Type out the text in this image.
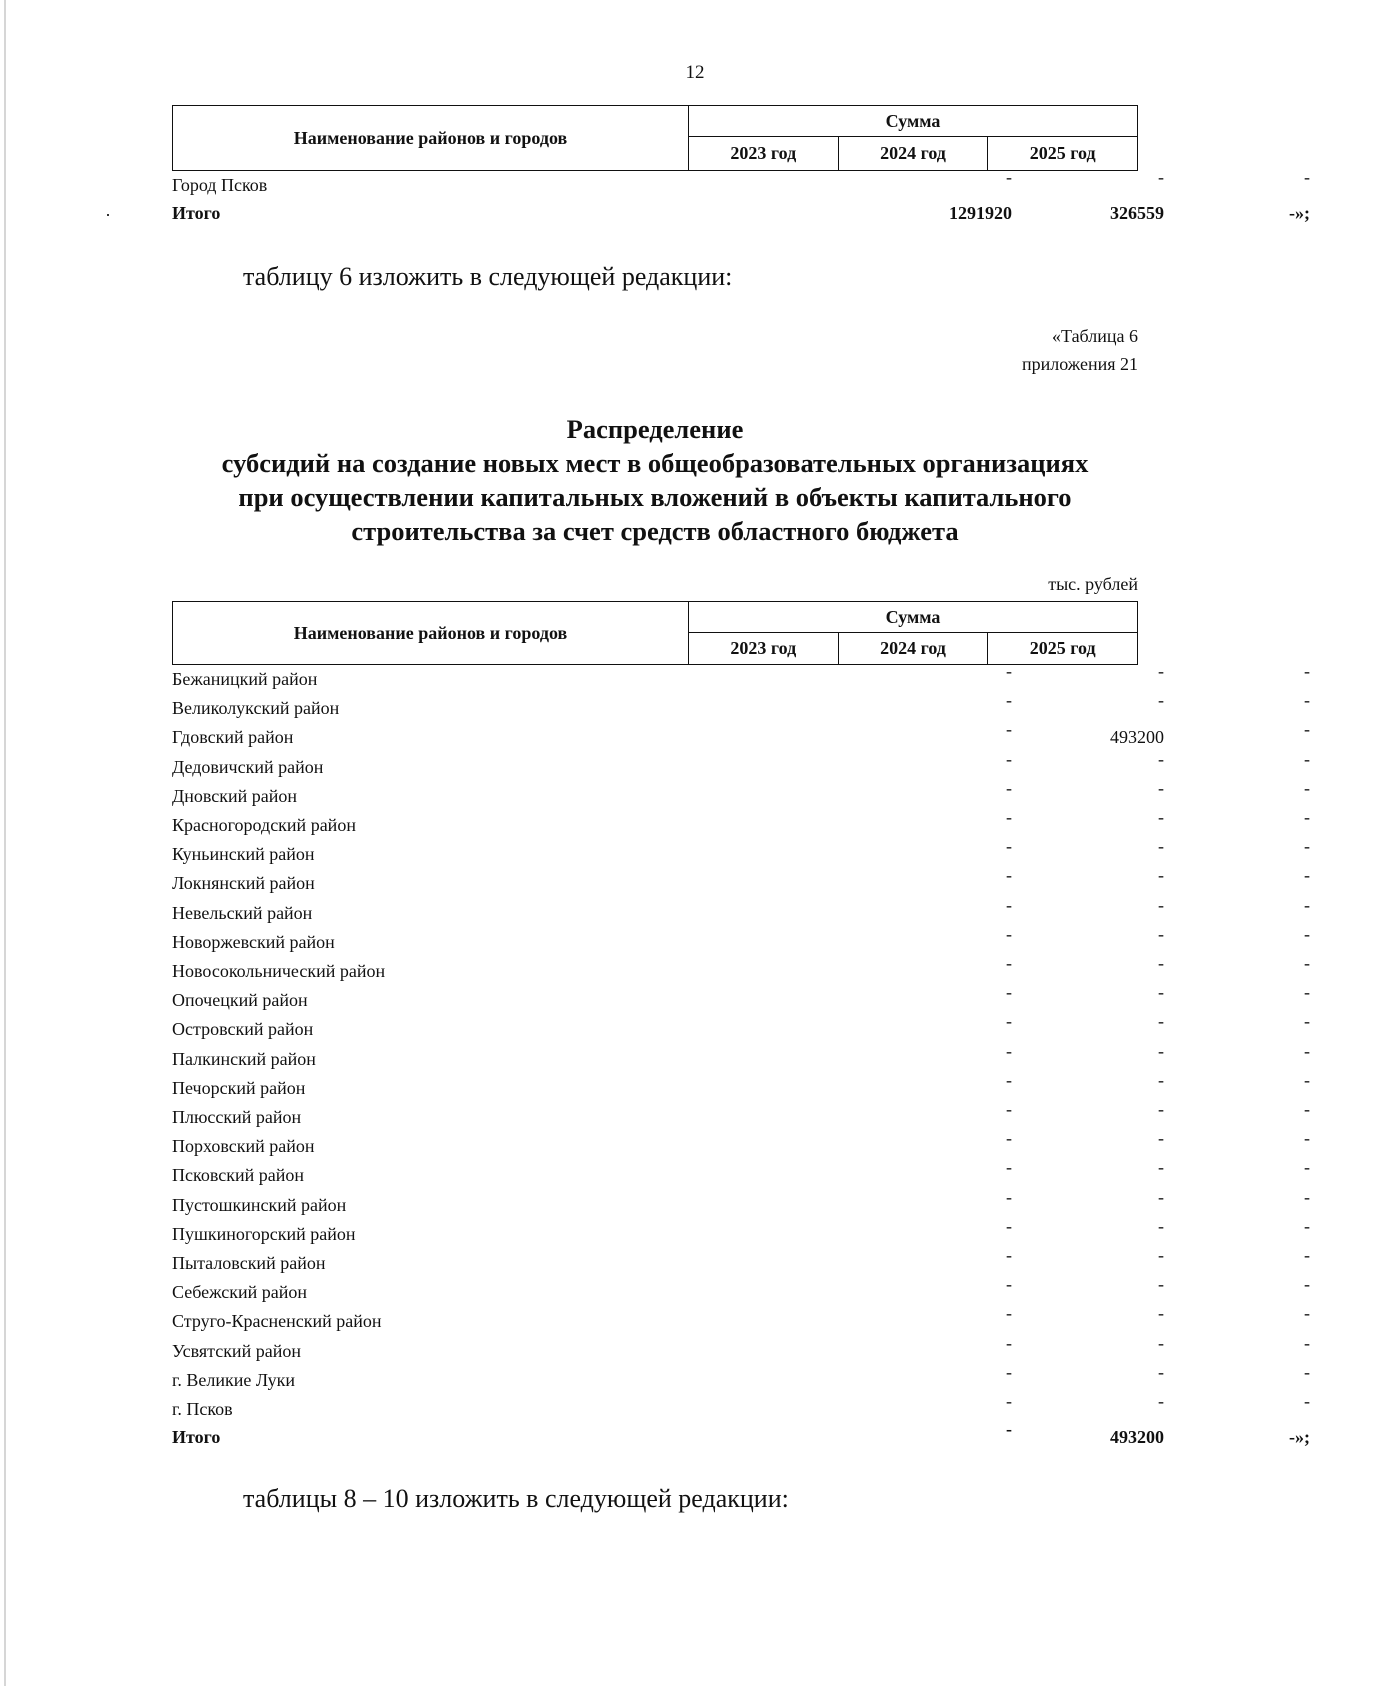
12
Наименование районов и городов
Сумма
2023 год	2024 год	2025 год
Город Псков	-	-	-
Итого	1291920	326559	-»;
таблицу 6 изложить в следующей редакции:
«Таблица 6
приложения 21
Распределение
субсидий на создание новых мест в общеобразовательных организациях
при осуществлении капитальных вложений в объекты капитального
строительства за счет средств областного бюджета
тыс. рублей
Наименование районов и городов
Сумма
2023 год	2024 год	2025 год
Бежаницкий район	-	-	-
Великолукский район	-	-	-
Гдовский район	-	493200	-
Дедовичский район	-	-	-
Дновский район	-	-	-
Красногородский район	-	-	-
Куньинский район	-	-	-
Локнянский район	-	-	-
Невельский район	-	-	-
Новоржевский район	-	-	-
Новосокольнический район	-	-	-
Опочецкий район	-	-	-
Островский район	-	-	-
Палкинский район	-	-	-
Печорский район	-	-	-
Плюсский район	-	-	-
Порховский район	-	-	-
Псковский район	-	-	-
Пустошкинский район	-	-	-
Пушкиногорский район	-	-	-
Пыталовский район	-	-	-
Себежский район	-	-	-
Струго-Красненский район	-	-	-
Усвятский район	-	-	-
г. Великие Луки	-	-	-
г. Псков	-	-	-
Итого	-	493200	-»;
таблицы 8 – 10 изложить в следующей редакции:
